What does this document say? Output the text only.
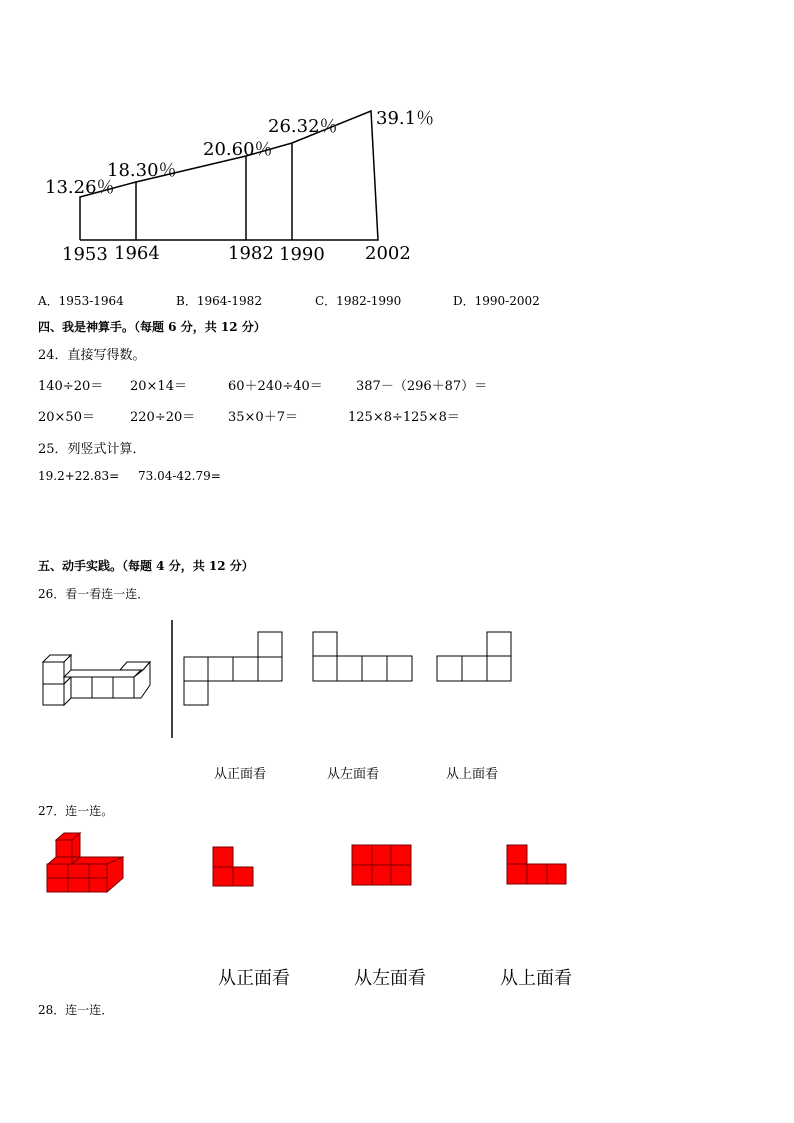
13.26％
18.30％
20.60％
26.32％ 39.1％
1953 1964	1982 1990 2002
A．1953-1964	B．1964-1982	C．1982-1990	D．1990-2002
四、我是神算手。（每题 6 分，共 12 分）
24．直接写得数。
140÷20＝ 20×14＝	60＋240÷40＝	387－（296＋87）＝
20×50＝	220÷20＝	35×0＋7＝	125×8÷125×8＝
25．列竖式计算．
19.2+22.83= 73.04-42.79=
五、动手实践。（每题 4 分，共 12 分）
26．看一看连一连．
从正面看	从左面看	从上面看
27．连一连。
从正面看	从左面看	从上面看
28．连一连．
